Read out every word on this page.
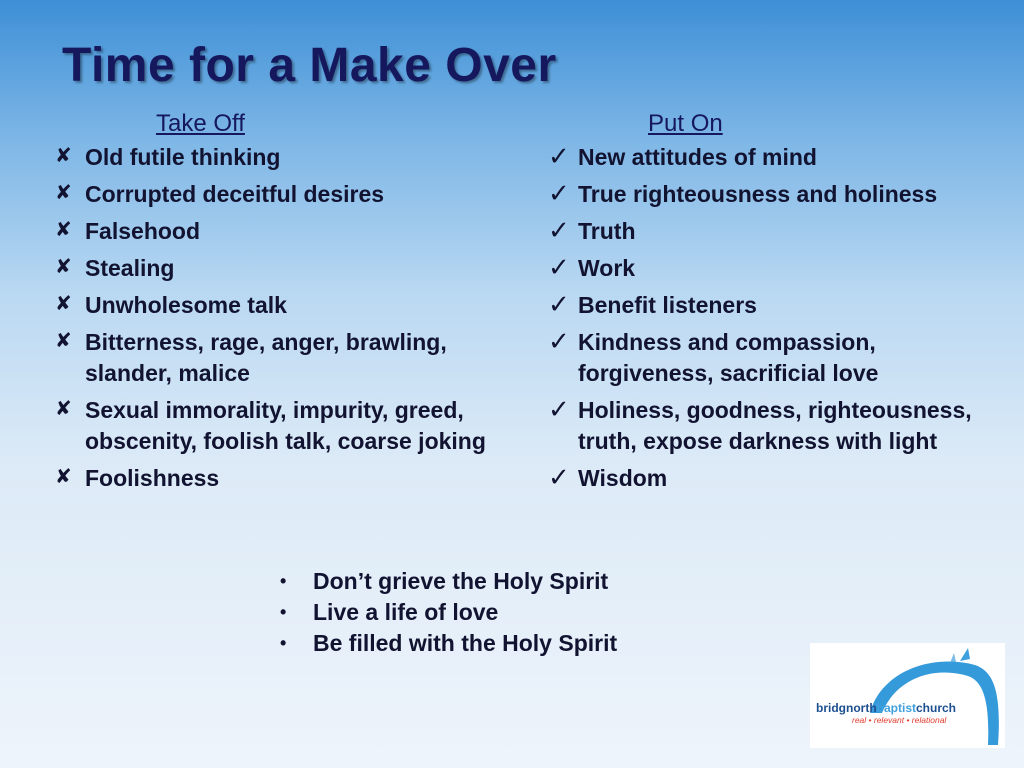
Time for a Make Over
Take Off
✘ Old futile thinking
✘ Corrupted deceitful desires
✘ Falsehood
✘ Stealing
✘ Unwholesome talk
✘ Bitterness, rage, anger, brawling, slander, malice
✘ Sexual immorality, impurity, greed, obscenity, foolish talk, coarse joking
✘ Foolishness
Put On
✓ New attitudes of mind
✓ True righteousness and holiness
✓ Truth
✓ Work
✓ Benefit listeners
✓ Kindness and compassion, forgiveness, sacrificial love
✓ Holiness, goodness, righteousness, truth, expose darkness with light
✓ Wisdom
•	Don’t grieve the Holy Spirit
•	Live a life of love
•	Be filled with the Holy Spirit
bridgnorthbaptistchurch
real • relevant • relational
